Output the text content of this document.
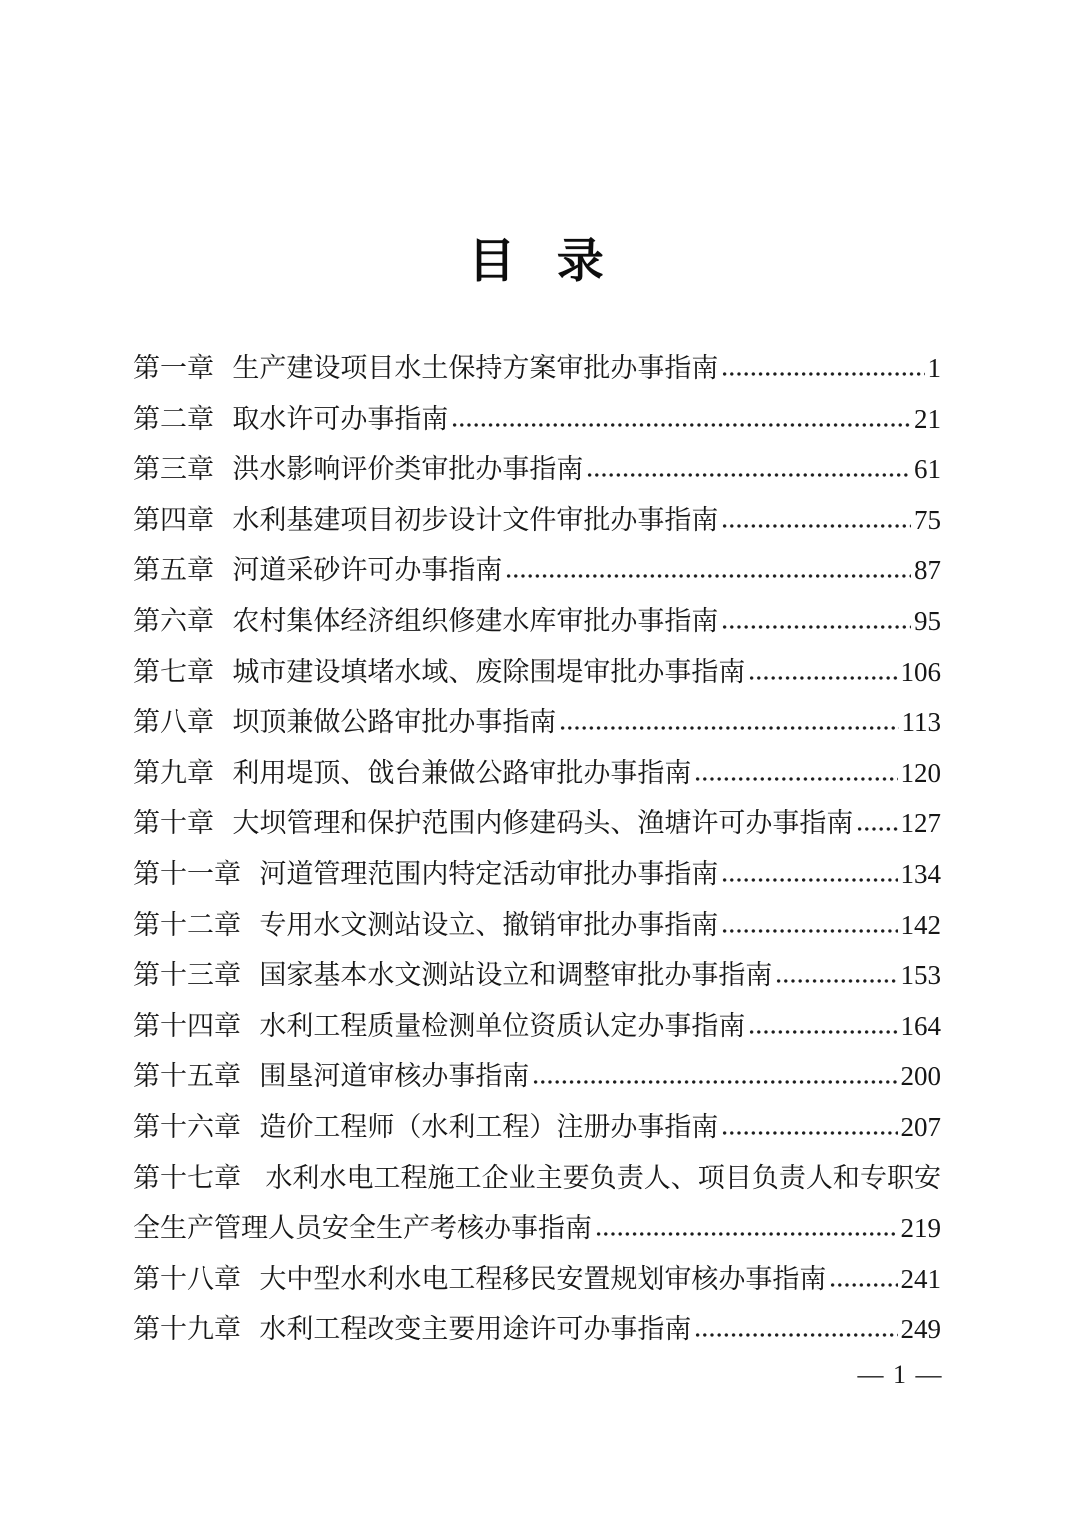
目 录
第一章 生产建设项目水土保持方案审批办事指南	1
第二章 取水许可办事指南	21
第三章 洪水影响评价类审批办事指南	61
第四章 水利基建项目初步设计文件审批办事指南	75
第五章 河道采砂许可办事指南	87
第六章 农村集体经济组织修建水库审批办事指南	95
第七章 城市建设填堵水域、废除围堤审批办事指南	106
第八章 坝顶兼做公路审批办事指南	113
第九章 利用堤顶、戗台兼做公路审批办事指南	120
第十章 大坝管理和保护范围内修建码头、渔塘许可办事指南 127
第十一章 河道管理范围内特定活动审批办事指南	134
第十二章 专用水文测站设立、撤销审批办事指南	142
第十三章 国家基本水文测站设立和调整审批办事指南	153
第十四章 水利工程质量检测单位资质认定办事指南	164
第十五章 围垦河道审核办事指南	200
第十六章 造价工程师（水利工程）注册办事指南	207
第十七章 水利水电工程施工企业主要负责人、项目负责人和专职安
全生产管理人员安全生产考核办事指南	219
第十八章 大中型水利水电工程移民安置规划审核办事指南	241
第十九章 水利工程改变主要用途许可办事指南	249
— 1 —
